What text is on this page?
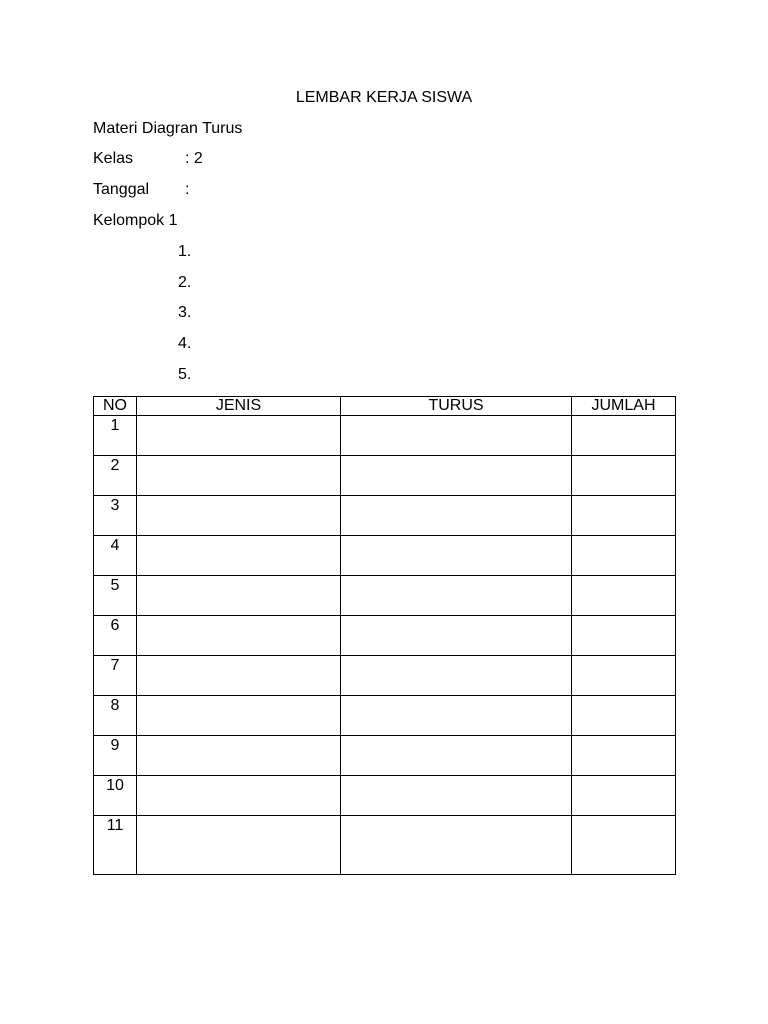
LEMBAR KERJA SISWA
Materi Diagran Turus
Kelas	: 2
Tanggal :
Kelompok 1
1.
2.
3.
4.
5.
NO	JENIS	TURUS	JUMLAH
1			
2			
3			
4			
5			
6			
7			
8			
9			
10			
11			
